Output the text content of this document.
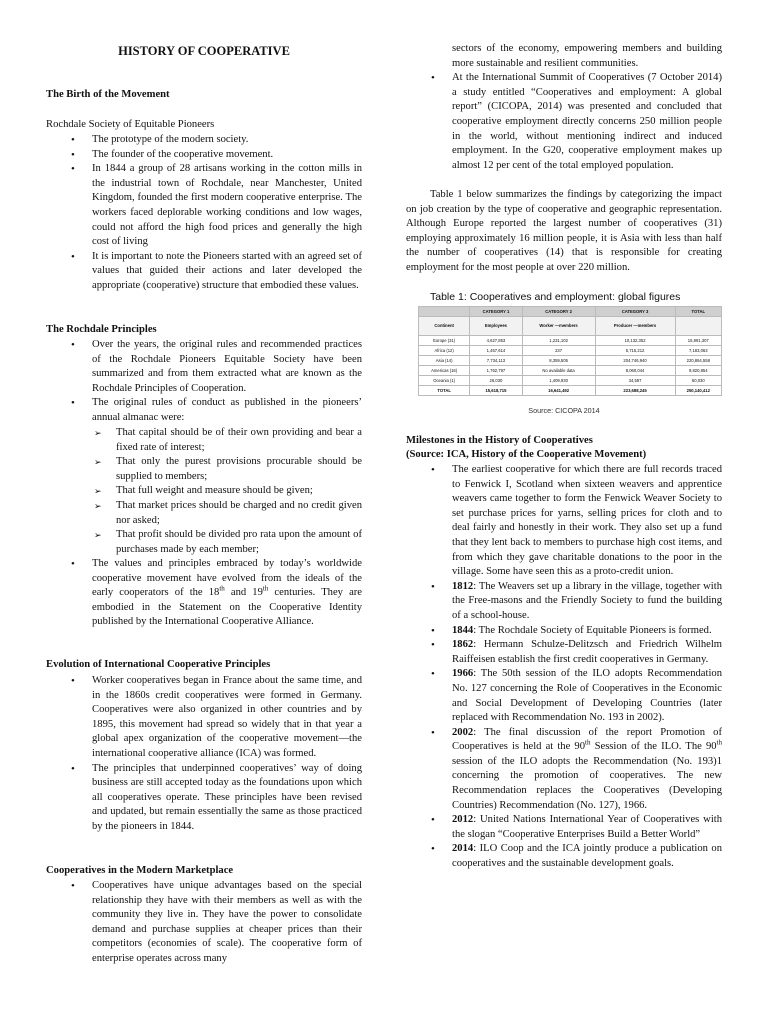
HISTORY OF COOPERATIVE
The Birth of the Movement
Rochdale Society of Equitable Pioneers
• The prototype of the modern society.
• The founder of the cooperative movement.
• In 1844 a group of 28 artisans working in the cotton mills in the industrial town of Rochdale, near Manchester, United Kingdom, founded the first modern cooperative enterprise. The workers faced deplorable working conditions and low wages, could not afford the high food prices and generally the high cost of living
• It is important to note the Pioneers started with an agreed set of values that guided their actions and later developed the appropriate (cooperative) structure that embodied these values.
The Rochdale Principles
• Over the years, the original rules and recommended practices of the Rochdale Pioneers Equitable Society have been summarized and from them extracted what are known as the Rochdale Principles of Cooperation.
• The original rules of conduct as published in the pioneers’ annual almanac were:
➢ That capital should be of their own providing and bear a fixed rate of interest;
➢ That only the purest provisions procurable should be supplied to members;
➢ That full weight and measure should be given;
➢ That market prices should be charged and no credit given nor asked;
➢ That profit should be divided pro rata upon the amount of purchases made by each member;
• The values and principles embraced by today’s worldwide cooperative movement have evolved from the ideals of the early cooperators of the 18th and 19th centuries. They are embodied in the Statement on the Cooperative Identity published by the International Cooperative Alliance.
Evolution of International Cooperative Principles
• Worker cooperatives began in France about the same time, and in the 1860s credit cooperatives were formed in Germany. Cooperatives were also organized in other countries and by 1895, this movement had spread so widely that in that year a global apex organization of the cooperative movement—the international cooperative alliance (ICA) was formed.
• The principles that underpinned cooperatives’ way of doing business are still accepted today as the foundations upon which all cooperatives operate. These principles have been revised and updated, but remain essentially the same as those practiced by the pioneers in 1844.
Cooperatives in the Modern Marketplace
• Cooperatives have unique advantages based on the special relationship they have with their members as well as with the community they live in. They have the power to consolidate demand and purchase supplies at cheaper prices than their competitors (economies of scale). The cooperative form of enterprise operates across many
sectors of the economy, empowering members and building more sustainable and resilient communities.
• At the International Summit of Cooperatives (7 October 2014) a study entitled “Cooperatives and employment: A global report” (CICOPA, 2014) was presented and concluded that cooperative employment directly concerns 250 million people in the world, without mentioning indirect and induced employment. In the G20, cooperative employment makes up almost 12 per cent of the total employed population.

Table 1 below summarizes the findings by categorizing the impact on job creation by the type of cooperative and geographic representation. Although Europe reported the largest number of cooperatives (31) employing approximately 16 million people, it is Asia with less than half the number of cooperatives (14) that is responsible for creating employment for the most people at over 220 million.

Table 1: Cooperatives and employment: global figures
	CATEGORY 1	CATEGORY 2	CATEGORY 3	TOTAL
Continent	Employees	Worker —members	Producer —members	
Europe (31)	4,627,853	1,231,102	10,132,352	15,991,307
Africa (12)	1,467,614	237	5,715,212	7,183,063
Asia (14)	7,734,113	8,359,505	204,746,940	220,864,558
Americas (16)	1,762,797	No available data	8,060,044	9,820,854
Oceania (1)	26,030	1,409,930	34,597	60,030
TOTAL	15,618,715	16,641,492	223,688,245	250,140,412
Source: CICOPA 2014
Milestones in the History of Cooperatives
(Source: ICA, History of the Cooperative Movement)
• The earliest cooperative for which there are full records traced to Fenwick I, Scotland when sixteen weavers and apprentice weavers came together to form the Fenwick Weaver Society to set purchase prices for yarns, selling prices for cloth and to deal fairly and honestly in their work. They also set up a fund that they lent back to members to purchase high cost items, and from which they gave charitable donations to the poor in the village. Some have seen this as a proto-credit union.
• 1812: The Weavers set up a library in the village, together with the Free-masons and the Friendly Society to fund the building of a school-house.
• 1844: The Rochdale Society of Equitable Pioneers is formed.
• 1862: Hermann Schulze-Delitzsch and Friedrich Wilhelm Raiffeisen establish the first credit cooperatives in Germany.
• 1966: The 50th session of the ILO adopts Recommendation No. 127 concerning the Role of Cooperatives in the Economic and Social Development of Developing Countries (later replaced with Recommendation No. 193 in 2002).
• 2002: The final discussion of the report Promotion of Cooperatives is held at the 90th Session of the ILO. The 90th session of the ILO adopts the Recommendation (No. 193)1 concerning the promotion of cooperatives. The new Recommendation replaces the Cooperatives (Developing Countries) Recommendation (No. 127), 1966.
• 2012: United Nations International Year of Cooperatives with the slogan “Cooperative Enterprises Build a Better World”
• 2014: ILO Coop and the ICA jointly produce a publication on cooperatives and the sustainable development goals.
